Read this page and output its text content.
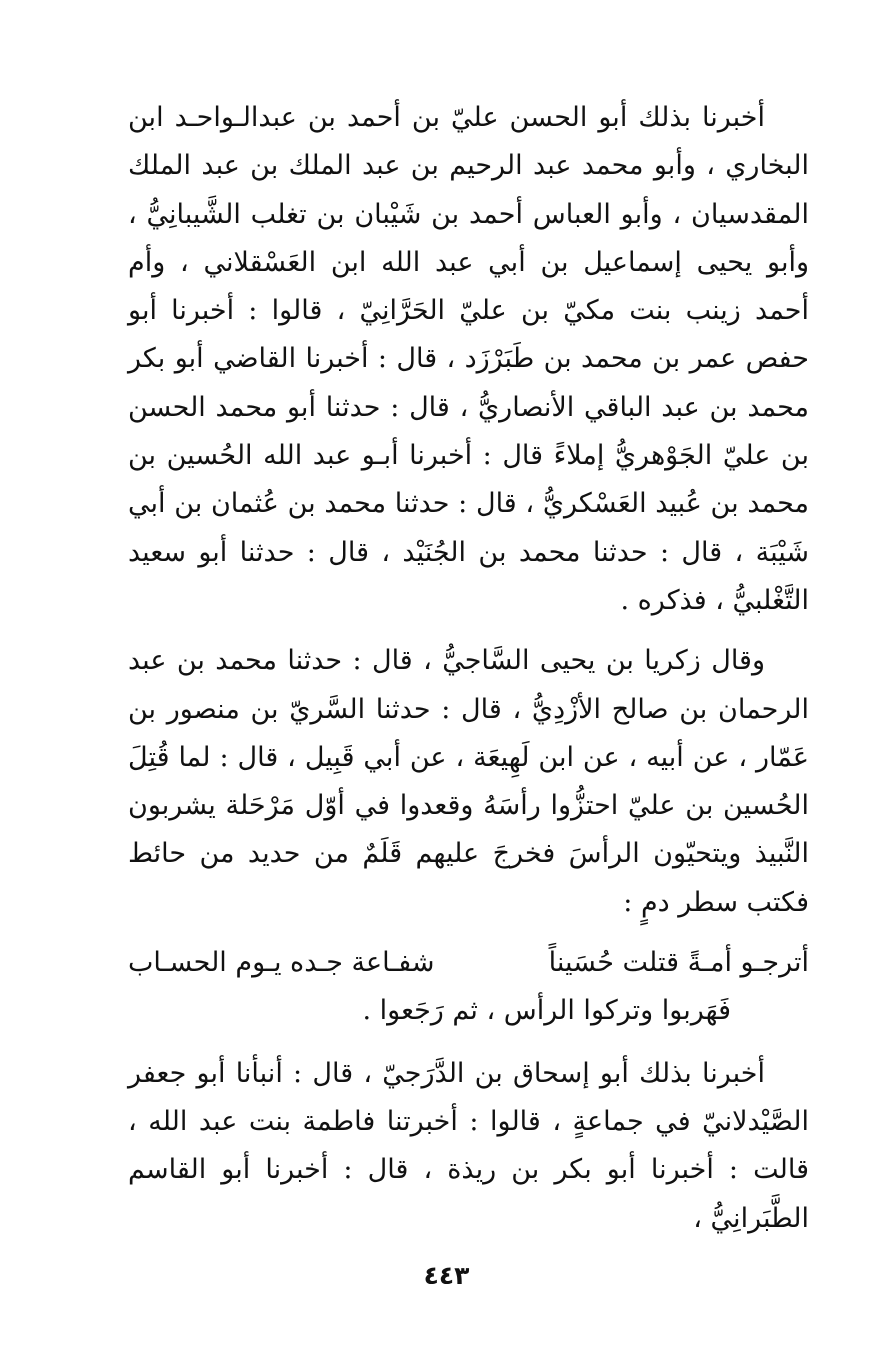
أخبرنا بذلك أبو الحسن عليّ بن أحمد بن عبدالـواحـد ابن البخاري ، وأبو محمد عبد الرحيم بن عبد الملك بن عبد الملك المقدسيان ، وأبو العباس أحمد بن شَيْبان بن تغلب الشَّيبانِيُّ ، وأبو يحيى إسماعيل بن أبي عبد الله ابن العَسْقلاني ، وأم أحمد زينب بنت مكيّ بن عليّ الحَرَّانِيّ ، قالوا : أخبرنا أبو حفص عمر بن محمد بن طَبَرْزَد ، قال : أخبرنا القاضي أبو بكر محمد بن عبد الباقي الأنصاريُّ ، قال : حدثنا أبو محمد الحسن بن عليّ الجَوْهريُّ إملاءً قال : أخبرنا أبـو عبد الله الحُسين بن محمد بن عُبيد العَسْكريُّ ، قال : حدثنا محمد بن عُثمان بن أبي شَيْبَة ، قال : حدثنا محمد بن الجُنَيْد ، قال : حدثنا أبو سعيد التَّغْلبيُّ ، فذكره .

وقال زكريا بن يحيى السَّاجيُّ ، قال : حدثنا محمد بن عبد الرحمان بن صالح الأزْدِيُّ ، قال : حدثنا السَّريّ بن منصور بن عَمّار ، عن أبيه ، عن ابن لَهِيعَة ، عن أبي قَبِيل ، قال : لما قُتِلَ الحُسين بن عليّ احتزُّوا رأسَهُ وقعدوا في أوّل مَرْحَلة يشربون النَّبيذ ويتحيّون الرأسَ فخرجَ عليهم قَلَمٌ من حديد من حائط فكتب سطر دمٍ :

أترجـو أمـةً قتلت حُسَيناً
شفـاعة جـده يـوم الحسـاب
فَهَربوا وتركوا الرأس ، ثم رَجَعوا .

أخبرنا بذلك أبو إسحاق بن الدَّرَجيّ ، قال : أنبأنا أبو جعفر الصَّيْدلانيّ في جماعةٍ ، قالوا : أخبرتنا فاطمة بنت عبد الله ، قالت : أخبرنا أبو بكر بن ريذة ، قال : أخبرنا أبو القاسم الطَّبَرانِيُّ ،

٤٤٣
